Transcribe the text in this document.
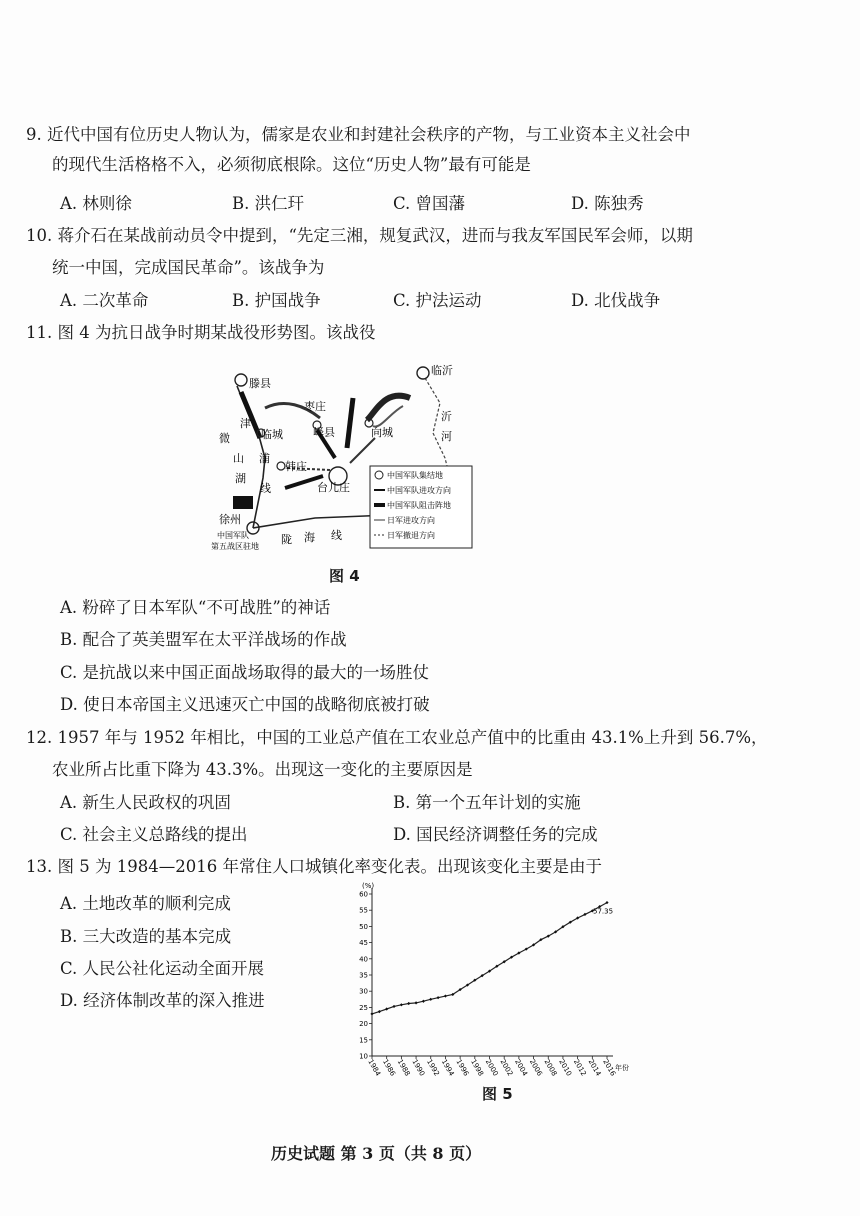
9. 近代中国有位历史人物认为，儒家是农业和封建社会秩序的产物，与工业资本主义社会中
的现代生活格格不入，必须彻底根除。这位“历史人物”最有可能是
A. 林则徐	B. 洪仁玕	C. 曾国藩	D. 陈独秀
10. 蒋介石在某战前动员令中提到，“先定三湘，规复武汉，进而与我友军国民军会师，以期
统一中国，完成国民革命”。该战争为
A. 二次革命	B. 护国战争	C. 护法运动	D. 北伐战争
11. 图 4 为抗日战争时期某战役形势图。该战役
滕县
临沂
枣庄
峄县
临城	向城
韩庄
台儿庄
徐州
津
浦
线
微
山
湖
沂
河
陇 海 线
中国军队
第五战区驻地
中国军队集结地
中国军队进攻方向
中国军队阻击阵地
日军进攻方向
日军撤退方向
图 4
A. 粉碎了日本军队“不可战胜”的神话
B. 配合了英美盟军在太平洋战场的作战
C. 是抗战以来中国正面战场取得的最大的一场胜仗
D. 使日本帝国主义迅速灭亡中国的战略彻底被打破
12. 1957 年与 1952 年相比，中国的工业总产值在工农业总产值中的比重由 43.1%上升到 56.7%，
农业所占比重下降为 43.3%。出现这一变化的主要原因是
A. 新生人民政权的巩固	B. 第一个五年计划的实施
C. 社会主义总路线的提出	D. 国民经济调整任务的完成
13. 图 5 为 1984—2016 年常住人口城镇化率变化表。出现该变化主要是由于
A. 土地改革的顺利完成
B. 三大改造的基本完成
C. 人民公社化运动全面开展
D. 经济体制改革的深入推进
10
15
20
25
30
35
40
45
50
55
60
1984
1986
1988
1990
1992
1994
1996
1998
2000
2002
2004
2006
2008
2010
2012
2014
2016
(%)
年份
57.35
图 5
历史试题 第 3 页（共 8 页）
